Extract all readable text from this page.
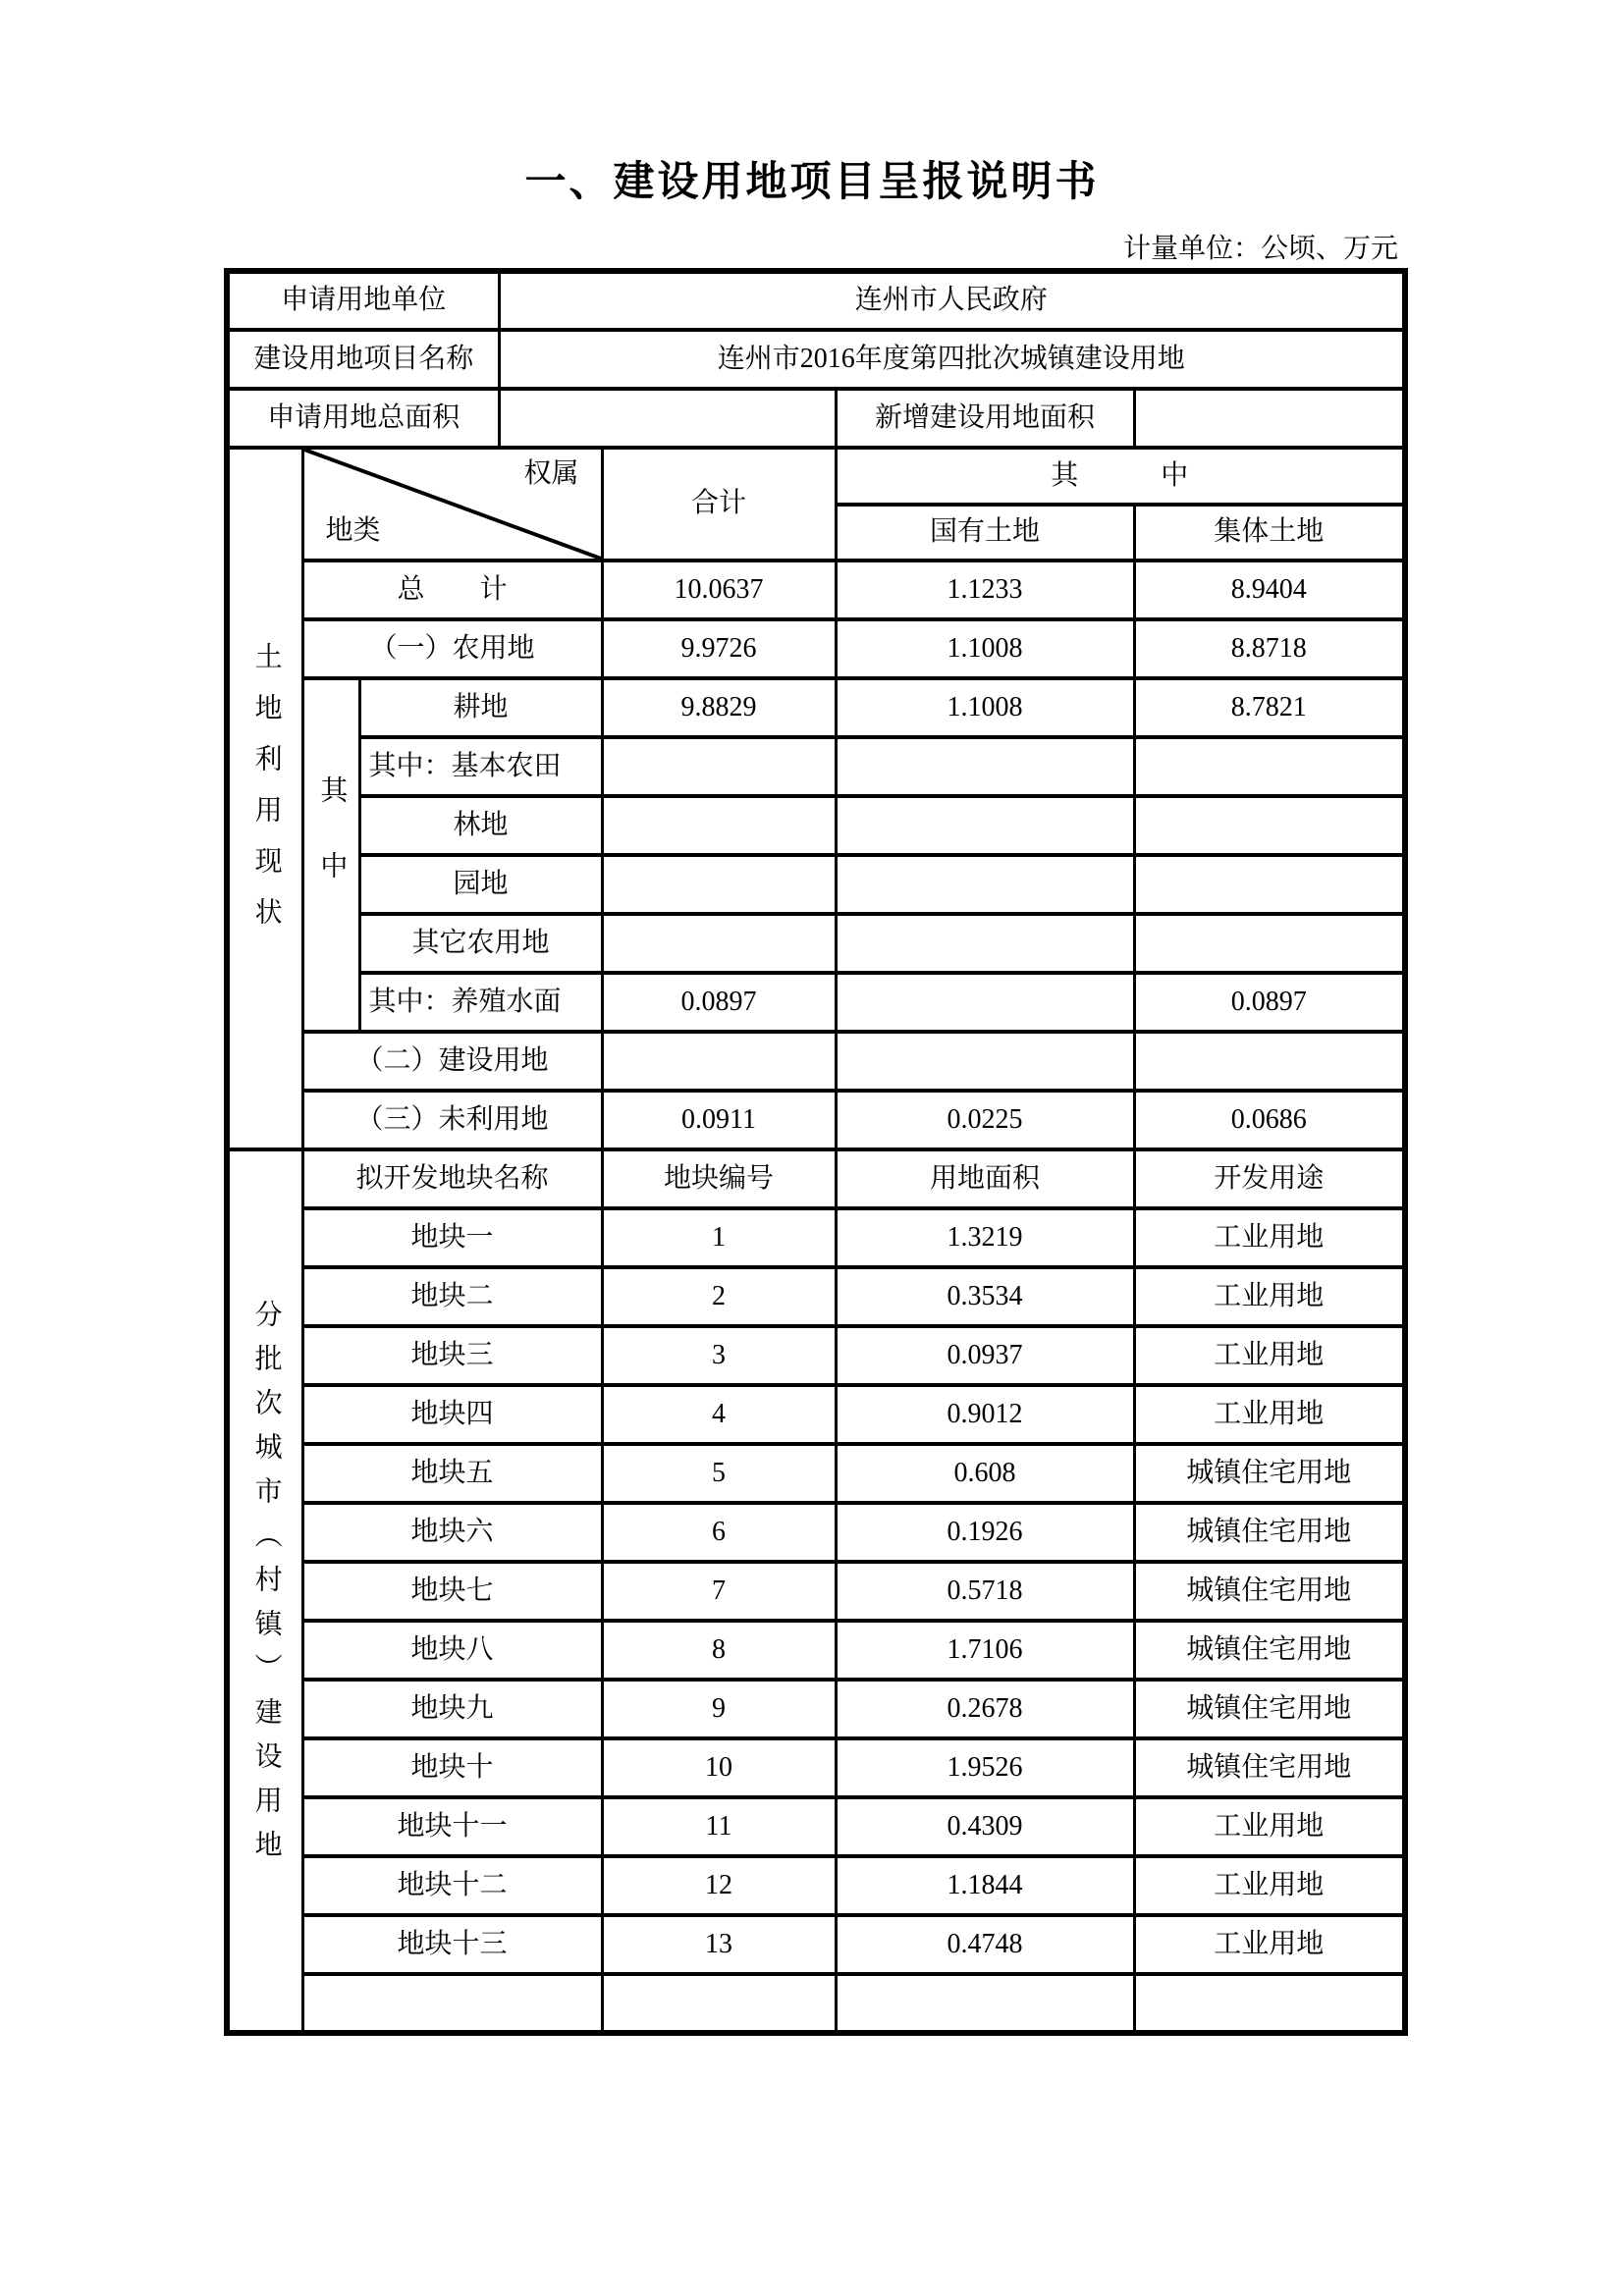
一、建设用地项目呈报说明书
计量单位：公顷、万元
申请用地单位			连州市人民政府			
建设用地项目名称			连州市2016年度第四批次城镇建设用地			
申请用地总面积					新增建设用地面积	
土地利用现状	权属
地类			合计	其　　　中	
					国有土地	集体土地
	总　　计			10.0637	1.1233	8.9404
	（一）农用地			9.9726	1.1008	8.8718
	其中	耕地		9.8829	1.1008	8.7821
		其中：基本农田				
		林地				
		园地				
		其它农用地				
		其中：养殖水面		0.0897		0.0897
	（二）建设用地					
	（三）未利用地			0.0911	0.0225	0.0686
分批次城市（村镇）建设用地	拟开发地块名称			地块编号	用地面积	开发用途
	地块一			1	1.3219	工业用地
	地块二			2	0.3534	工业用地
	地块三			3	0.0937	工业用地
	地块四			4	0.9012	工业用地
	地块五			5	0.608	城镇住宅用地
	地块六			6	0.1926	城镇住宅用地
	地块七			7	0.5718	城镇住宅用地
	地块八			8	1.7106	城镇住宅用地
	地块九			9	0.2678	城镇住宅用地
	地块十			10	1.9526	城镇住宅用地
	地块十一			11	0.4309	工业用地
	地块十二			12	1.1844	工业用地
	地块十三			13	0.4748	工业用地
